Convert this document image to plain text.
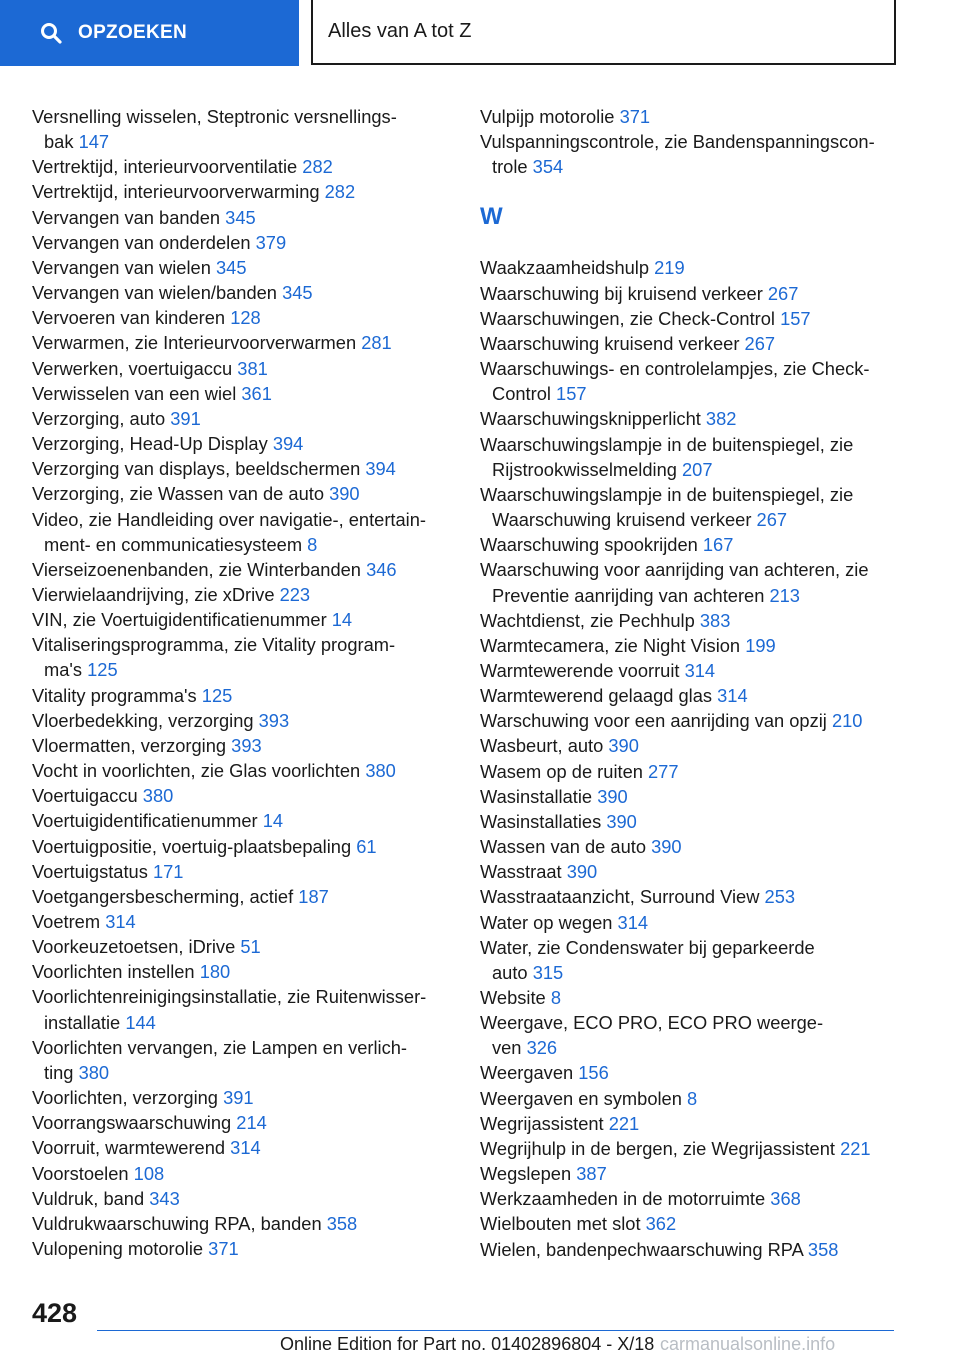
OPZOEKEN	Alles van A tot Z
Versnelling wisselen, Steptronic versnellings-
bak 147
Vertrektijd, interieurvoorventilatie 282
Vertrektijd, interieurvoorverwarming 282
Vervangen van banden 345
Vervangen van onderdelen 379
Vervangen van wielen 345
Vervangen van wielen/banden 345
Vervoeren van kinderen 128
Verwarmen, zie Interieurvoorverwarmen 281
Verwerken, voertuigaccu 381
Verwisselen van een wiel 361
Verzorging, auto 391
Verzorging, Head-Up Display 394
Verzorging van displays, beeldschermen 394
Verzorging, zie Wassen van de auto 390
Video, zie Handleiding over navigatie-, entertain-
ment- en communicatiesysteem 8
Vierseizoenenbanden, zie Winterbanden 346
Vierwielaandrijving, zie xDrive 223
VIN, zie Voertuigidentificatienummer 14
Vitaliseringsprogramma, zie Vitality program-
ma's 125
Vitality programma's 125
Vloerbedekking, verzorging 393
Vloermatten, verzorging 393
Vocht in voorlichten, zie Glas voorlichten 380
Voertuigaccu 380
Voertuigidentificatienummer 14
Voertuigpositie, voertuig-plaatsbepaling 61
Voertuigstatus 171
Voetgangersbescherming, actief 187
Voetrem 314
Voorkeuzetoetsen, iDrive 51
Voorlichten instellen 180
Voorlichtenreinigingsinstallatie, zie Ruitenwisser-
installatie 144
Voorlichten vervangen, zie Lampen en verlich-
ting 380
Voorlichten, verzorging 391
Voorrangswaarschuwing 214
Voorruit, warmtewerend 314
Voorstoelen 108
Vuldruk, band 343
Vuldrukwaarschuwing RPA, banden 358
Vulopening motorolie 371
Vulpijp motorolie 371
Vulspanningscontrole, zie Bandenspanningscon-
trole 354
W
Waakzaamheidshulp 219
Waarschuwing bij kruisend verkeer 267
Waarschuwingen, zie Check-Control 157
Waarschuwing kruisend verkeer 267
Waarschuwings- en controlelampjes, zie Check-
Control 157
Waarschuwingsknipperlicht 382
Waarschuwingslampje in de buitenspiegel, zie
Rijstrookwisselmelding 207
Waarschuwingslampje in de buitenspiegel, zie
Waarschuwing kruisend verkeer 267
Waarschuwing spookrijden 167
Waarschuwing voor aanrijding van achteren, zie
Preventie aanrijding van achteren 213
Wachtdienst, zie Pechhulp 383
Warmtecamera, zie Night Vision 199
Warmtewerende voorruit 314
Warmtewerend gelaagd glas 314
Warschuwing voor een aanrijding van opzij 210
Wasbeurt, auto 390
Wasem op de ruiten 277
Wasinstallatie 390
Wasinstallaties 390
Wassen van de auto 390
Wasstraat 390
Wasstraataanzicht, Surround View 253
Water op wegen 314
Water, zie Condenswater bij geparkeerde
auto 315
Website 8
Weergave, ECO PRO, ECO PRO weerge-
ven 326
Weergaven 156
Weergaven en symbolen 8
Wegrijassistent 221
Wegrijhulp in de bergen, zie Wegrijassistent 221
Wegslepen 387
Werkzaamheden in de motorruimte 368
Wielbouten met slot 362
Wielen, bandenpechwaarschuwing RPA 358
428
Online Edition for Part no. 01402896804 - X/18 carmanualsonline.info
